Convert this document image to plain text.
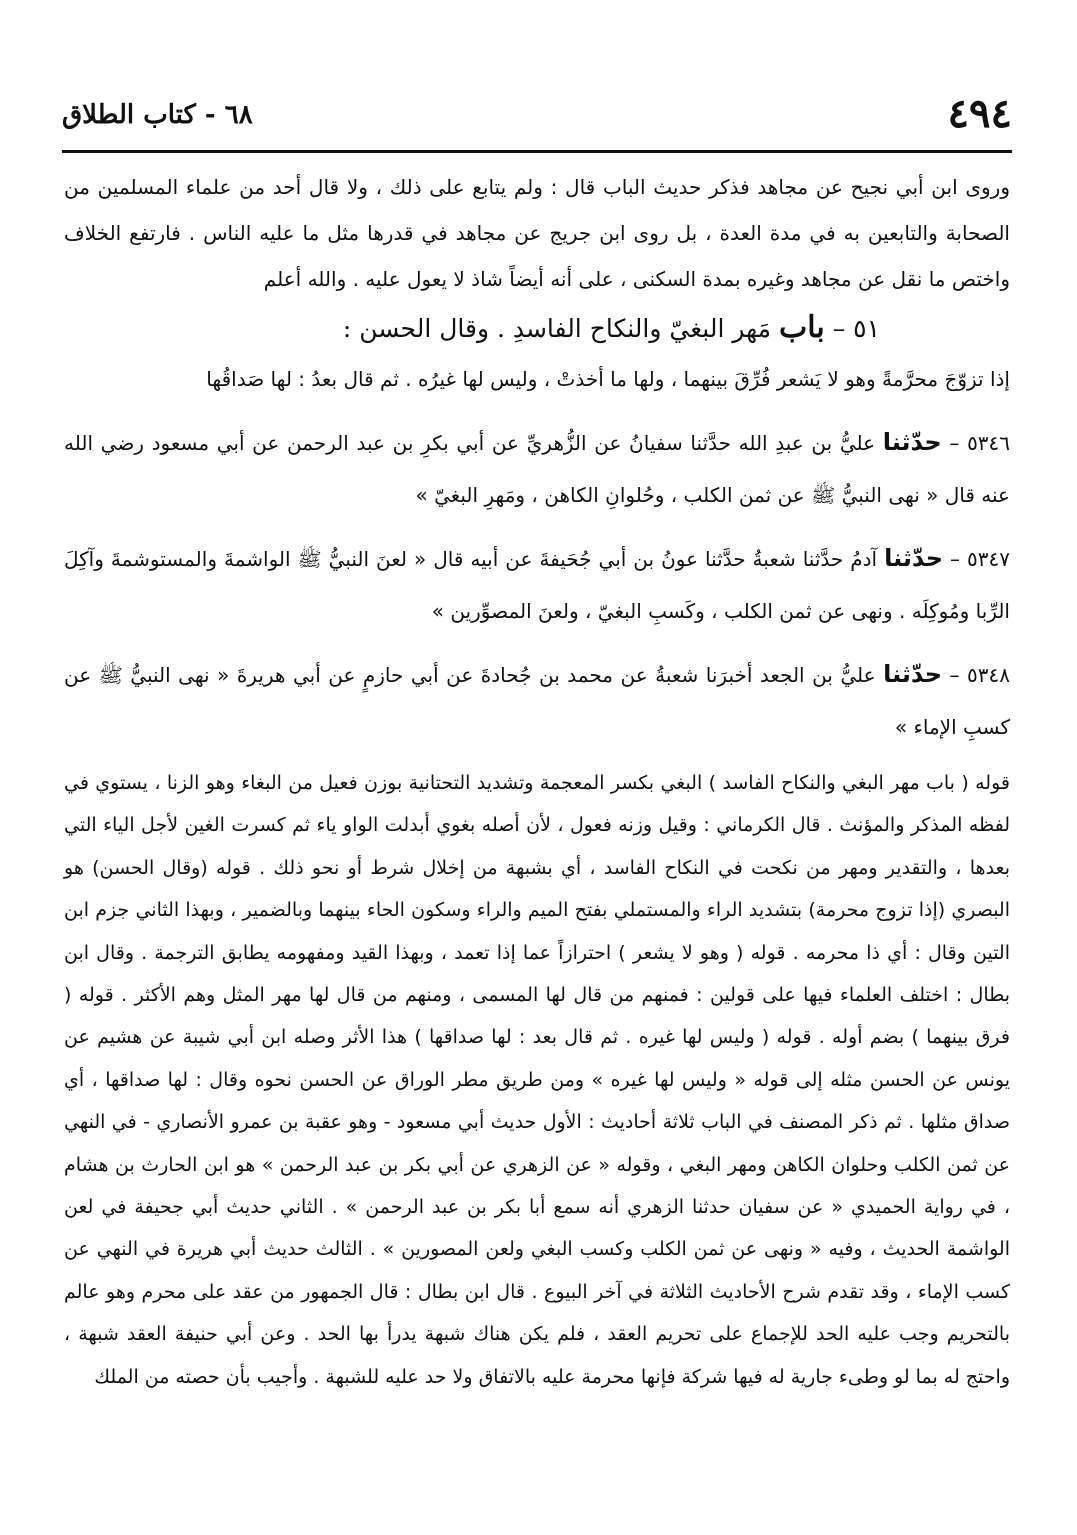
٤٩٤
٦٨ - كتاب الطلاق
وروى ابن أبي نجيح عن مجاهد فذكر حديث الباب قال : ولم يتابع على ذلك ، ولا قال أحد من علماء المسلمين من الصحابة والتابعين به في مدة العدة ، بل روى ابن جريج عن مجاهد في قدرها مثل ما عليه الناس . فارتفع الخلاف واختص ما نقل عن مجاهد وغيره بمدة السكنى ، على أنه أيضاً شاذ لا يعول عليه . والله أعلم
٥١ – باب مَهر البغيّ والنكاح الفاسدِ . وقال الحسن :
إذا تزوّجَ محرَّمةً وهو لا يَشعر فُرِّقَ بينهما ، ولها ما أخذتْ ، وليس لها غيرُه . ثم قال بعدُ : لها صَداقُها
٥٣٤٦ – حدّثنا عليُّ بن عبدِ الله حدَّثنا سفيانُ عن الزُّهريِّ عن أبي بكرِ بن عبد الرحمن عن أبي مسعود رضي الله عنه قال « نهى النبيُّ ﷺ عن ثمن الكلب ، وحُلوانِ الكاهن ، ومَهرِ البغيّ »
٥٣٤٧ – حدّثنا آدمُ حدَّثنا شعبةُ حدَّثنا عونُ بن أبي جُحَيفةَ عن أبيه قال « لعنَ النبيُّ ﷺ الواشمةَ والمستوشمةَ وآكِلَ الرِّبا ومُوكِلَه . ونهى عن ثمن الكلب ، وكَسبِ البغيّ ، ولعنَ المصوِّرين »
٥٣٤٨ – حدّثنا عليُّ بن الجعد أخبرَنا شعبةُ عن محمد بن جُحادةَ عن أبي حازمٍ عن أبي هريرةَ « نهى النبيُّ ﷺ عن كسبِ الإماء »
قوله ( باب مهر البغي والنكاح الفاسد ) البغي بكسر المعجمة وتشديد التحتانية بوزن فعيل من البغاء وهو الزنا ، يستوي في لفظه المذكر والمؤنث . قال الكرماني : وقيل وزنه فعول ، لأن أصله بغوي أبدلت الواو ياء ثم كسرت الغين لأجل الياء التي بعدها ، والتقدير ومهر من نكحت في النكاح الفاسد ، أي بشبهة من إخلال شرط أو نحو ذلك . قوله (وقال الحسن) هو البصري (إذا تزوج محرمة) بتشديد الراء والمستملي بفتح الميم والراء وسكون الحاء بينهما وبالضمير ، وبهذا الثاني جزم ابن التين وقال : أي ذا محرمه . قوله ( وهو لا يشعر ) احترازاً عما إذا تعمد ، وبهذا القيد ومفهومه يطابق الترجمة . وقال ابن بطال : اختلف العلماء فيها على قولين : فمنهم من قال لها المسمى ، ومنهم من قال لها مهر المثل وهم الأكثر . قوله ( فرق بينهما ) بضم أوله . قوله ( وليس لها غيره . ثم قال بعد : لها صداقها ) هذا الأثر وصله ابن أبي شيبة عن هشيم عن يونس عن الحسن مثله إلى قوله « وليس لها غيره » ومن طريق مطر الوراق عن الحسن نحوه وقال : لها صداقها ، أي صداق مثلها . ثم ذكر المصنف في الباب ثلاثة أحاديث : الأول حديث أبي مسعود - وهو عقبة بن عمرو الأنصاري - في النهي عن ثمن الكلب وحلوان الكاهن ومهر البغي ، وقوله « عن الزهري عن أبي بكر بن عبد الرحمن » هو ابن الحارث بن هشام ، في رواية الحميدي « عن سفيان حدثنا الزهري أنه سمع أبا بكر بن عبد الرحمن » . الثاني حديث أبي جحيفة في لعن الواشمة الحديث ، وفيه « ونهى عن ثمن الكلب وكسب البغي ولعن المصورين » . الثالث حديث أبي هريرة في النهي عن كسب الإماء ، وقد تقدم شرح الأحاديث الثلاثة في آخر البيوع . قال ابن بطال : قال الجمهور من عقد على محرم وهو عالم بالتحريم وجب عليه الحد للإجماع على تحريم العقد ، فلم يكن هناك شبهة يدرأ بها الحد . وعن أبي حنيفة العقد شبهة ، واحتج له بما لو وطىء جارية له فيها شركة فإنها محرمة عليه بالاتفاق ولا حد عليه للشبهة . وأجيب بأن حصته من الملك
